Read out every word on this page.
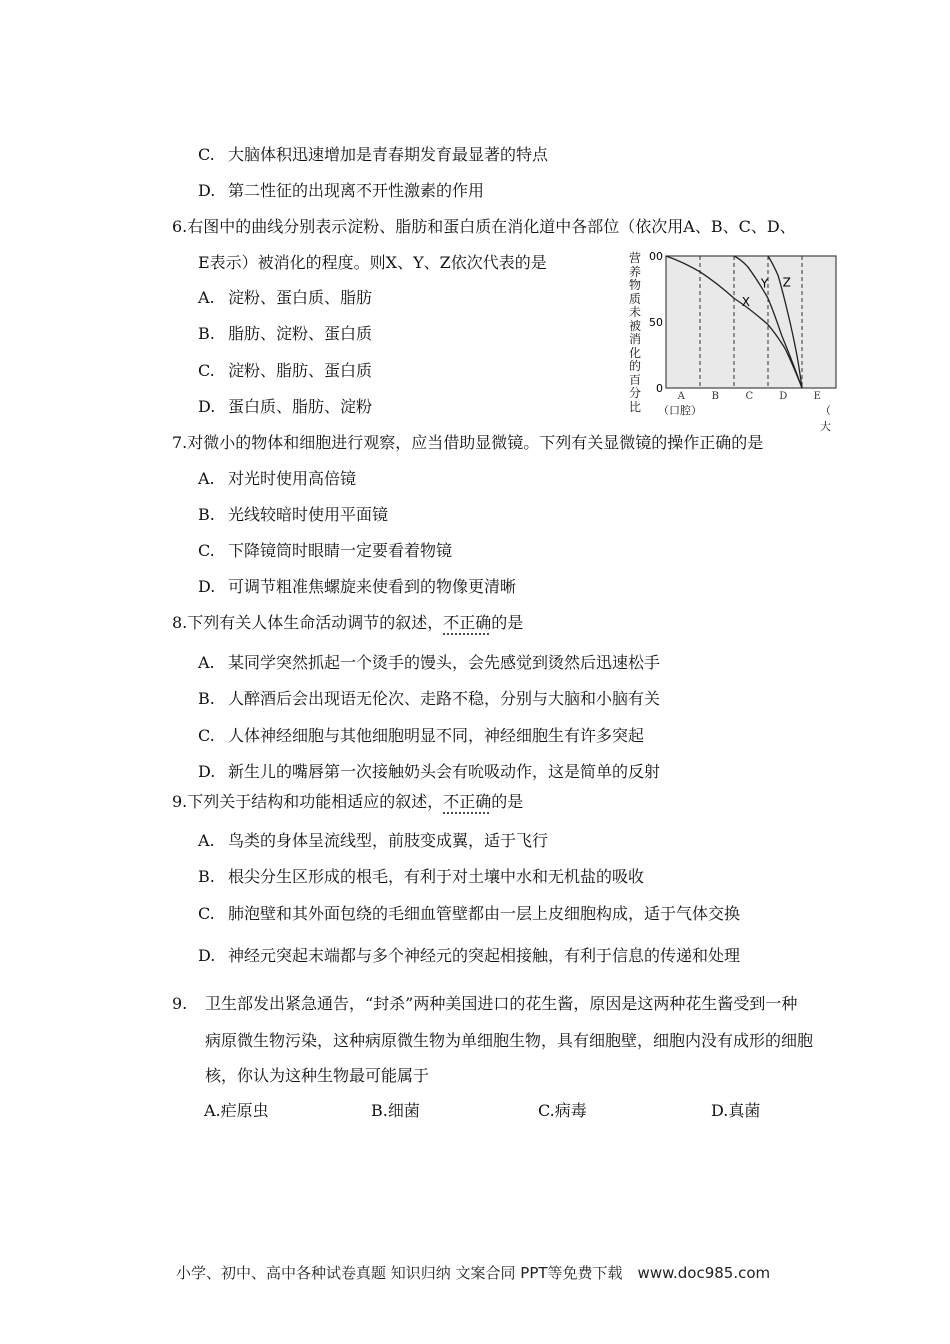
C. 大脑体积迅速增加是青春期发育最显著的特点
D. 第二性征的出现离不开性激素的作用
6.右图中的曲线分别表示淀粉、脂肪和蛋白质在消化道中各部位（依次用A、B、C、D、
E表示）被消化的程度。则X、Y、Z依次代表的是
A. 淀粉、蛋白质、脂肪
B. 脂肪、淀粉、蛋白质
C. 淀粉、脂肪、蛋白质
D. 蛋白质、脂肪、淀粉
营养物质未被消化的百分比
00
50
0
A	B	C	D	E
X
Y Z
（口腔）	（　　大
7.对微小的物体和细胞进行观察，应当借助显微镜。下列有关显微镜的操作正确的是
A. 对光时使用高倍镜
B. 光线较暗时使用平面镜
C. 下降镜筒时眼睛一定要看着物镜
D. 可调节粗准焦螺旋来使看到的物像更清晰
8.下列有关人体生命活动调节的叙述，不正确的是
A. 某同学突然抓起一个烫手的馒头，会先感觉到烫然后迅速松手
B. 人醉酒后会出现语无伦次、走路不稳，分别与大脑和小脑有关
C. 人体神经细胞与其他细胞明显不同，神经细胞生有许多突起
D. 新生儿的嘴唇第一次接触奶头会有吮吸动作，这是简单的反射
9.下列关于结构和功能相适应的叙述，不正确的是
A. 鸟类的身体呈流线型，前肢变成翼，适于飞行
B. 根尖分生区形成的根毛，有利于对土壤中水和无机盐的吸收
C. 肺泡壁和其外面包绕的毛细血管壁都由一层上皮细胞构成，适于气体交换
D. 神经元突起末端都与多个神经元的突起相接触，有利于信息的传递和处理
9. 卫生部发出紧急通告，“封杀”两种美国进口的花生酱，原因是这两种花生酱受到一种
病原微生物污染，这种病原微生物为单细胞生物，具有细胞壁，细胞内没有成形的细胞
核，你认为这种生物最可能属于
A.疟原虫	B.细菌	C.病毒	D.真菌
小学、初中、高中各种试卷真题 知识归纳 文案合同 PPT等免费下载　www.doc985.com
